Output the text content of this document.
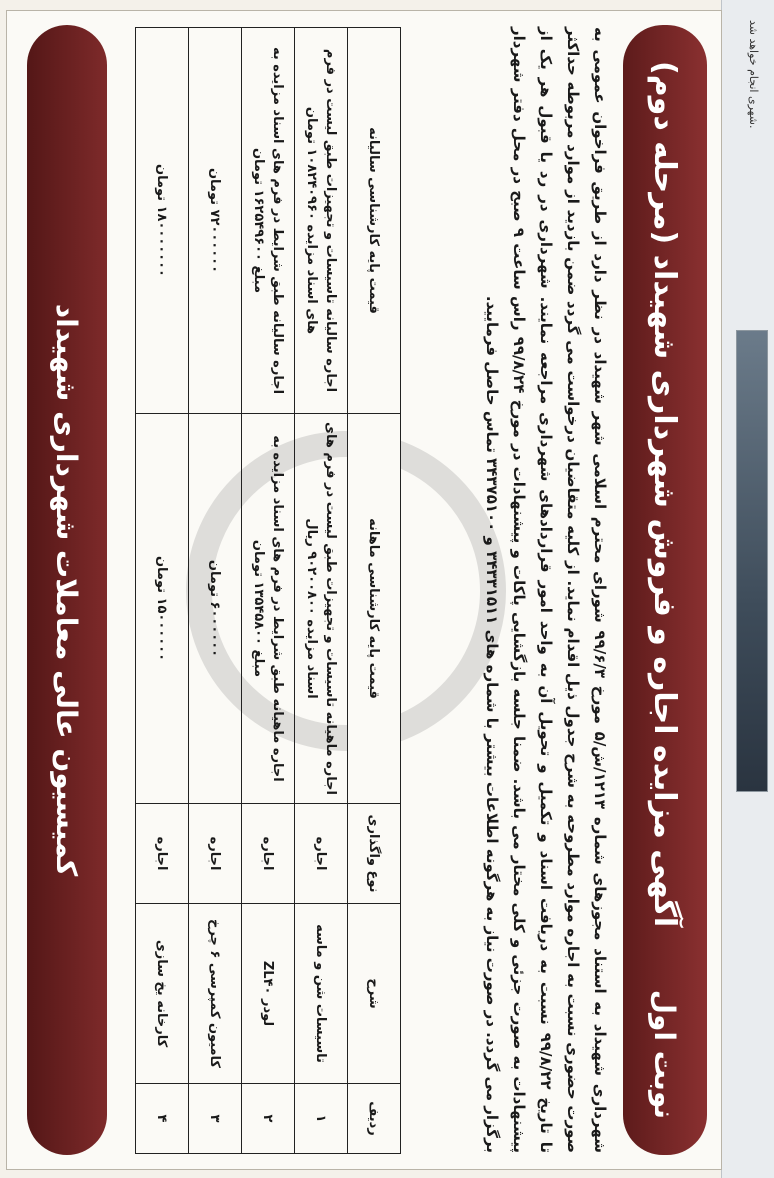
شهری انجام خواهد شد.
آگهی مزایده اجاره و فروش شهرداری شهیداد (مرحله دوم)
نوبت اول

شهرداری شهیداد به استناد مجوزهای شماره ۱۲۱۳/ش/۵ مورخ ۹۹/۶/۳ شورای محترم اسلامی شهر شهیداد در نظر دارد از طریق فراخوان عمومی به صورت حضوری نسبت به اجاره موارد مطروحه به شرح جدول ذیل اقدام نماید. از کلیه متقاضیان درخواست می گردد ضمن بازدید از موارد مربوطه حداکثر تا تاریخ ۹۹/۸/۲۲ نسبت به دریافت اسناد و تکمیل و تحویل آن به واحد امور قراردادهای شهرداری مراجعه نمایند. شهرداری در رد یا قبول هر یک از پیشنهادات به صورت جزئی و کلی مختار می باشد. ضمنا جلسه بازگشایی پاکات و پیشنهادات در مورخ ۹۹/۸/۲۴ راس ساعت ۹ صبح در محل دفتر شهردار برگزار می گردد. در صورت نیاز به هرگونه اطلاعات بیشتر با شماره های ۳۴۳۳۱۵۱۱ و ۳۴۳۷۵۱۰۰ تماس حاصل فرمایید.

ردیف	شرح	نوع واگذاری	قیمت پایه کارشناسی ماهانه	قیمت پایه کارشناسی سالیانه
۱	تاسیسات شن و ماسه	اجاره	اجاره ماهیانه تاسیسات و تجهیزات طبق لیست در فرم های اسناد مزایده ۹۰۲۰۰۸۰۰ ریال	اجاره سالیانه تاسیسات و تجهیزات طبق لیست در فرم های اسناد مزایده ۱۰۸۲۴۰۹۶۰ تومان
۲	لودر ZL۴۰	اجاره	اجاره ماهیانه طبق شرایط در فرم های اسناد مزایده به مبلغ ۱۳۵۴۵۸۰۰ تومان	اجاره سالیانه طبق شرایط در فرم های اسناد مزایده به مبلغ ۱۶۲۵۴۹۶۰۰ تومان
۳	کامیون کمپرسی ۶ چرخ	اجاره	۶۰۰۰۰۰۰ تومان	۷۲۰۰۰۰۰۰ تومان
۴	کارخانه یخ سازی	اجاره	۱۵۰۰۰۰۰۰ تومان	۱۸۰۰۰۰۰۰۰ تومان
کمیسیون عالی معاملات شهرداری شهیداد
